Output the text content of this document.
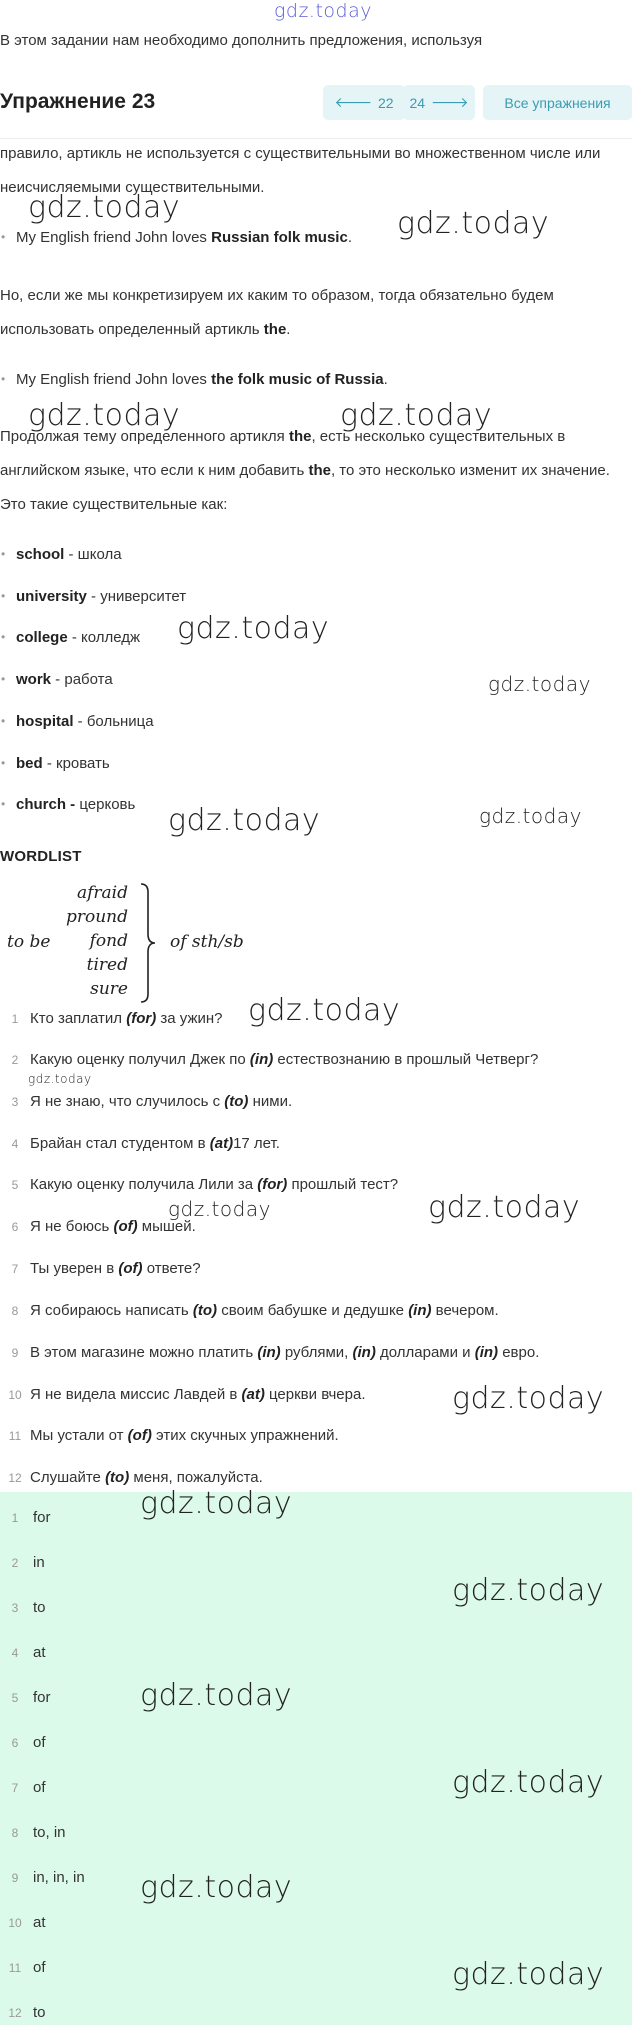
gdz.today
В этом задании нам необходимо дополнить предложения, используя
Упражнение 23	🡐 22 24 🡒	Все упражнения

правило, артикль не используется с существительными во множественном числе или неисчисляемыми существительными.

• My English friend John loves Russian folk music.

Но, если же мы конкретизируем их каким то образом, тогда обязательно будем использовать определенный артикль the.

• My English friend John loves the folk music of Russia.

Продолжая тему определенного артикля the, есть несколько существительных в английском языке, что если к ним добавить the, то это несколько изменит их значение. Это такие существительные как:

• school - школа
• university - университет
• college - колледж
• work - работа
• hospital - больница
• bed - кровать
• church - церковь
WORDLIST
to be
afraid
pround
fond
tired
sure
of sth/sb
1 Кто заплатил (for) за ужин?
2 Какую оценку получил Джек по (in) естествознанию в прошлый Четверг?
3 Я не знаю, что случилось с (to) ними.
4 Брайан стал студентом в (at)17 лет.
5 Какую оценку получила Лили за (for) прошлый тест?
6 Я не боюсь (of) мышей.
7 Ты уверен в (of) ответе?
8 Я собираюсь написать (to) своим бабушке и дедушке (in) вечером.
9 В этом магазине можно платить (in) рублями, (in) долларами и (in) евро.
10 Я не видела миссис Лавдей в (at) церкви вчера.
11 Мы устали от (of) этих скучных упражнений.
12 Слушайте (to) меня, пожалуйста.
1 for
2 in
3 to
4 at
5 for
6 of
7 of
8 to, in
9 in, in, in
10 at
11 of
12 to
gdz.today	gdz.today
gdz.today	gdz.today
gdz.today
gdz.today
gdz.today	gdz.today
gdz.today
gdz.today
gdz.today	gdz.today
gdz.today
gdz.today
gdz.today
gdz.today
gdz.today
gdz.today
gdz.today
